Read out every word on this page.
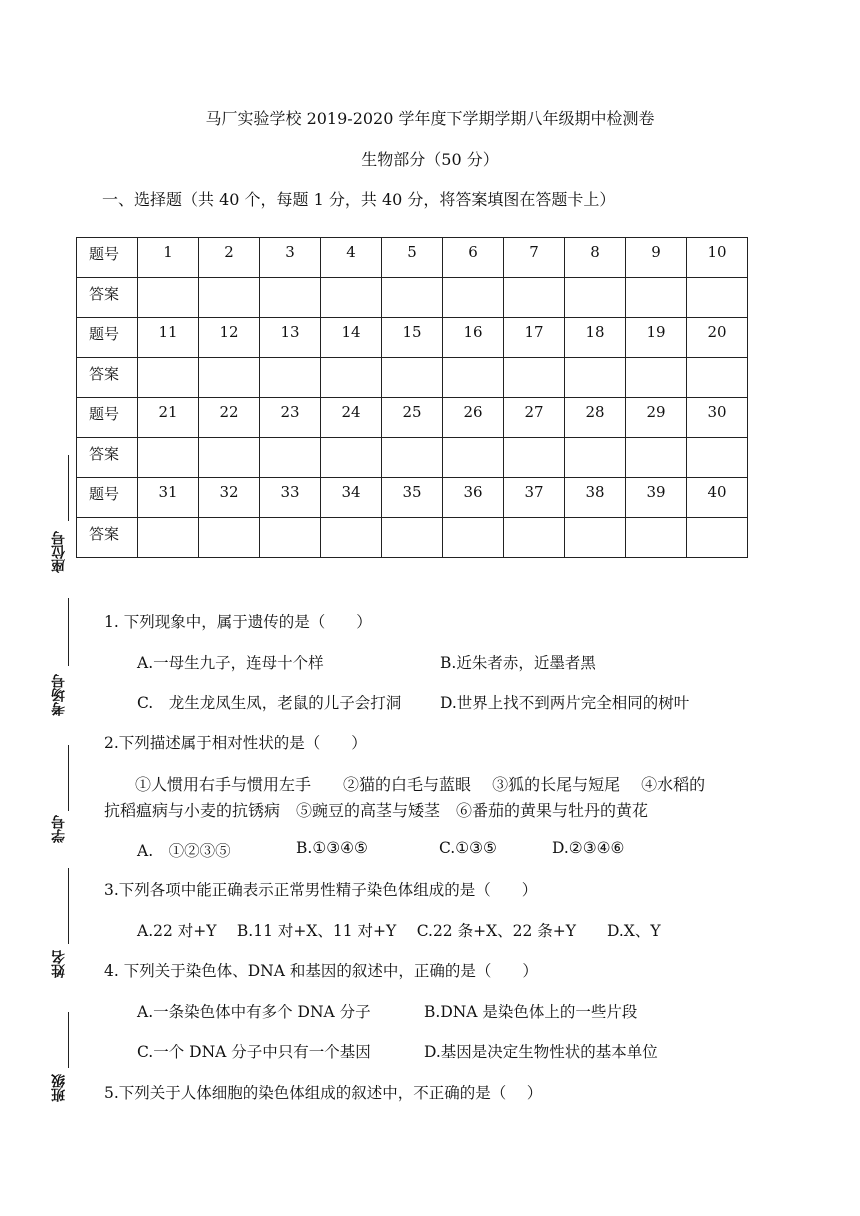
马厂实验学校 2019-2020 学年度下学期学期八年级期中检测卷
生物部分（50 分）
一、选择题（共 40 个，每题 1 分，共 40 分，将答案填图在答题卡上）
题号	1	2	3	4	5	6	7	8	9	10
答案										
题号	11	12	13	14	15	16	17	18	19	20
答案										
题号	21	22	23	24	25	26	27	28	29	30
答案										
题号	31	32	33	34	35	36	37	38	39	40
答案										
座位号
考场号
学号
姓名
班级
1. 下列现象中，属于遗传的是（　　）
A.一母生九子，连母十个样	B.近朱者赤，近墨者黑
C.　龙生龙凤生凤，老鼠的儿子会打洞	D.世界上找不到两片完全相同的树叶
2.下列描述属于相对性状的是（　　）
①人惯用右手与惯用左手　　②猫的白毛与蓝眼　 ③狐的长尾与短尾　 ④水稻的
抗稻瘟病与小麦的抗锈病　⑤豌豆的高茎与矮茎　⑥番茄的黄果与牡丹的黄花
A.　①②③⑤	B.①③④⑤	C.①③⑤	D.②③④⑥
3.下列各项中能正确表示正常男性精子染色体组成的是（　　）
A.22 对+Y　 B.11 对+X、11 对+Y　 C.22 条+X、22 条+Y　　D.X、Y
4. 下列关于染色体、DNA 和基因的叙述中，正确的是（　　）
A.一条染色体中有多个 DNA 分子	B.DNA 是染色体上的一些片段
C.一个 DNA 分子中只有一个基因	D.基因是决定生物性状的基本单位
5.下列关于人体细胞的染色体组成的叙述中，不正确的是（　 ）
